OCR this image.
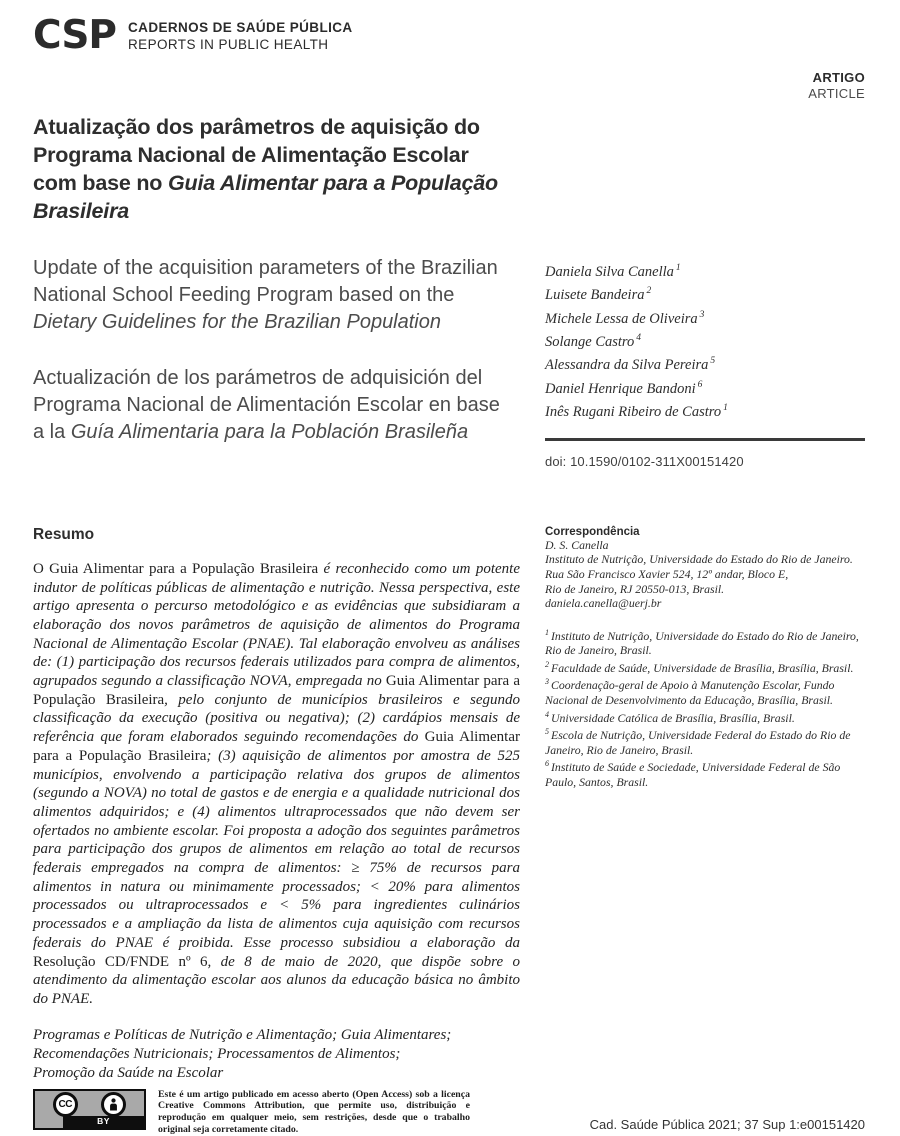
CSP CADERNOS DE SAÚDE PÚBLICA
REPORTS IN PUBLIC HEALTH
ARTIGO
ARTICLE
Atualização dos parâmetros de aquisição do Programa Nacional de Alimentação Escolar com base no Guia Alimentar para a População Brasileira
Update of the acquisition parameters of the Brazilian National School Feeding Program based on the Dietary Guidelines for the Brazilian Population
Actualización de los parámetros de adquisición del Programa Nacional de Alimentación Escolar en base a la Guía Alimentaria para la Población Brasileña
Daniela Silva Canella $^1$
Luisete Bandeira $^2$
Michele Lessa de Oliveira $^3$
Solange Castro $^4$
Alessandra da Silva Pereira $^5$
Daniel Henrique Bandoni $^6$
Inês Rugani Ribeiro de Castro $^1$
doi: 10.1590/0102-311X00151420
Resumo

O Guia Alimentar para a População Brasileira é reconhecido como um potente indutor de políticas públicas de alimentação e nutrição. Nessa perspectiva, este artigo apresenta o percurso metodológico e as evidências que subsidiaram a elaboração dos novos parâmetros de aquisição de alimentos do Programa Nacional de Alimentação Escolar (PNAE). Tal elaboração envolveu as análises de: (1) participação dos recursos federais utilizados para compra de alimentos, agrupados segundo a classificação NOVA, empregada no Guia Alimentar para a População Brasileira, pelo conjunto de municípios brasileiros e segundo classificação da execução (positiva ou negativa); (2) cardápios mensais de referência que foram elaborados seguindo recomendações do Guia Alimentar para a População Brasileira; (3) aquisição de alimentos por amostra de 525 municípios, envolvendo a participação relativa dos grupos de alimentos (segundo a NOVA) no total de gastos e de energia e a qualidade nutricional dos alimentos adquiridos; e (4) alimentos ultraprocessados que não devem ser ofertados no ambiente escolar. Foi proposta a adoção dos seguintes parâmetros para participação dos grupos de alimentos em relação ao total de recursos federais empregados na compra de alimentos: ≥ 75% de recursos para alimentos in natura ou minimamente processados; < 20% para alimentos processados ou ultraprocessados e < 5% para ingredientes culinários processados e a ampliação da lista de alimentos cuja aquisição com recursos federais do PNAE é proibida. Esse processo subsidiou a elaboração da Resolução CD/FNDE nº 6, de 8 de maio de 2020, que dispõe sobre o atendimento da alimentação escolar aos alunos da educação básica no âmbito do PNAE.

Programas e Políticas de Nutrição e Alimentação; Guia Alimentares; Recomendações Nutricionais; Processamentos de Alimentos; Promoção da Saúde na Escolar

Correspondência
D. S. Canella
Instituto de Nutrição, Universidade do Estado do Rio de Janeiro.
Rua São Francisco Xavier 524, 12º andar, Bloco E,
Rio de Janeiro, RJ 20550-013, Brasil.
daniela.canella@uerj.br
$^1$ Instituto de Nutrição, Universidade do Estado do Rio de Janeiro, Rio de Janeiro, Brasil.
$^2$ Faculdade de Saúde, Universidade de Brasília, Brasília, Brasil.
$^3$ Coordenação-geral de Apoio à Manutenção Escolar, Fundo Nacional de Desenvolvimento da Educação, Brasília, Brasil.
$^4$ Universidade Católica de Brasília, Brasília, Brasil.
$^5$ Escola de Nutrição, Universidade Federal do Estado do Rio de Janeiro, Rio de Janeiro, Brasil.
$^6$ Instituto de Saúde e Sociedade, Universidade Federal de São Paulo, Santos, Brasil.
CC
BY

Este é um artigo publicado em acesso aberto (Open Access) sob a licença Creative Commons Attribution, que permite uso, distribuição e reprodução em qualquer meio, sem restrições, desde que o trabalho original seja corretamente citado.	Cad. Saúde Pública 2021; 37 Sup 1:e00151420
